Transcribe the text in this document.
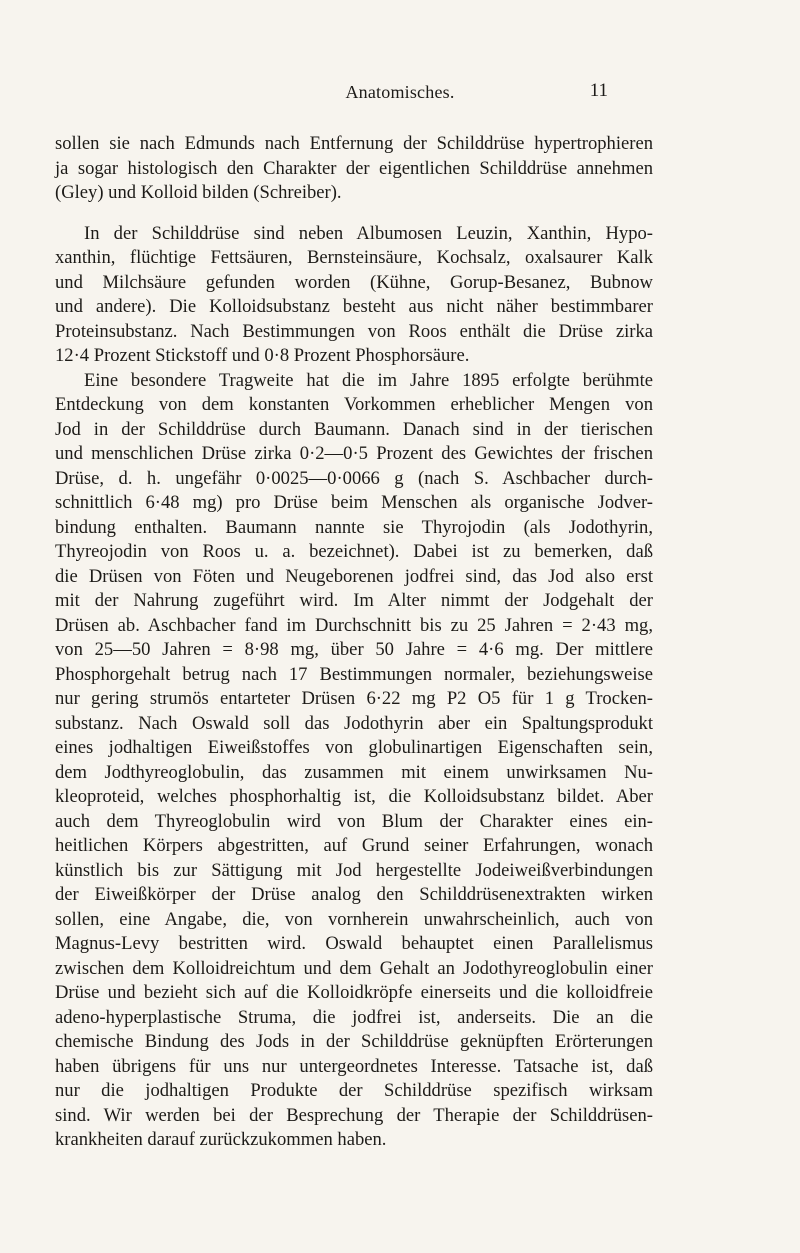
Anatomisches.	11
sollen sie nach Edmunds nach Entfernung der Schilddrüse hypertrophieren
ja sogar histologisch den Charakter der eigentlichen Schilddrüse annehmen
(Gley) und Kolloid bilden (Schreiber).
In der Schilddrüse sind neben Albumosen Leuzin, Xanthin, Hypo-
xanthin, flüchtige Fettsäuren, Bernsteinsäure, Kochsalz, oxalsaurer Kalk
und Milchsäure gefunden worden (Kühne, Gorup-Besanez, Bubnow
und andere). Die Kolloidsubstanz besteht aus nicht näher bestimmbarer
Proteinsubstanz. Nach Bestimmungen von Roos enthält die Drüse zirka
12·4 Prozent Stickstoff und 0·8 Prozent Phosphorsäure.
Eine besondere Tragweite hat die im Jahre 1895 erfolgte berühmte
Entdeckung von dem konstanten Vorkommen erheblicher Mengen von
Jod in der Schilddrüse durch Baumann. Danach sind in der tierischen
und menschlichen Drüse zirka 0·2—0·5 Prozent des Gewichtes der frischen
Drüse, d. h. ungefähr 0·0025—0·0066 g (nach S. Aschbacher durch-
schnittlich 6·48 mg) pro Drüse beim Menschen als organische Jodver-
bindung enthalten. Baumann nannte sie Thyrojodin (als Jodothyrin,
Thyreojodin von Roos u. a. bezeichnet). Dabei ist zu bemerken, daß
die Drüsen von Föten und Neugeborenen jodfrei sind, das Jod also erst
mit der Nahrung zugeführt wird. Im Alter nimmt der Jodgehalt der
Drüsen ab. Aschbacher fand im Durchschnitt bis zu 25 Jahren = 2·43 mg,
von 25—50 Jahren = 8·98 mg, über 50 Jahre = 4·6 mg. Der mittlere
Phosphorgehalt betrug nach 17 Bestimmungen normaler, beziehungsweise
nur gering strumös entarteter Drüsen 6·22 mg P2 O5 für 1 g Trocken-
substanz. Nach Oswald soll das Jodothyrin aber ein Spaltungsprodukt
eines jodhaltigen Eiweißstoffes von globulinartigen Eigenschaften sein,
dem Jodthyreoglobulin, das zusammen mit einem unwirksamen Nu-
kleoproteid, welches phosphorhaltig ist, die Kolloidsubstanz bildet. Aber
auch dem Thyreoglobulin wird von Blum der Charakter eines ein-
heitlichen Körpers abgestritten, auf Grund seiner Erfahrungen, wonach
künstlich bis zur Sättigung mit Jod hergestellte Jodeiweißverbindungen
der Eiweißkörper der Drüse analog den Schilddrüsenextrakten wirken
sollen, eine Angabe, die, von vornherein unwahrscheinlich, auch von
Magnus-Levy bestritten wird. Oswald behauptet einen Parallelismus
zwischen dem Kolloidreichtum und dem Gehalt an Jodothyreoglobulin einer
Drüse und bezieht sich auf die Kolloidkröpfe einerseits und die kolloidfreie
adeno-hyperplastische Struma, die jodfrei ist, anderseits. Die an die
chemische Bindung des Jods in der Schilddrüse geknüpften Erörterungen
haben übrigens für uns nur untergeordnetes Interesse. Tatsache ist, daß
nur die jodhaltigen Produkte der Schilddrüse spezifisch wirksam
sind. Wir werden bei der Besprechung der Therapie der Schilddrüsen-
krankheiten darauf zurückzukommen haben.
